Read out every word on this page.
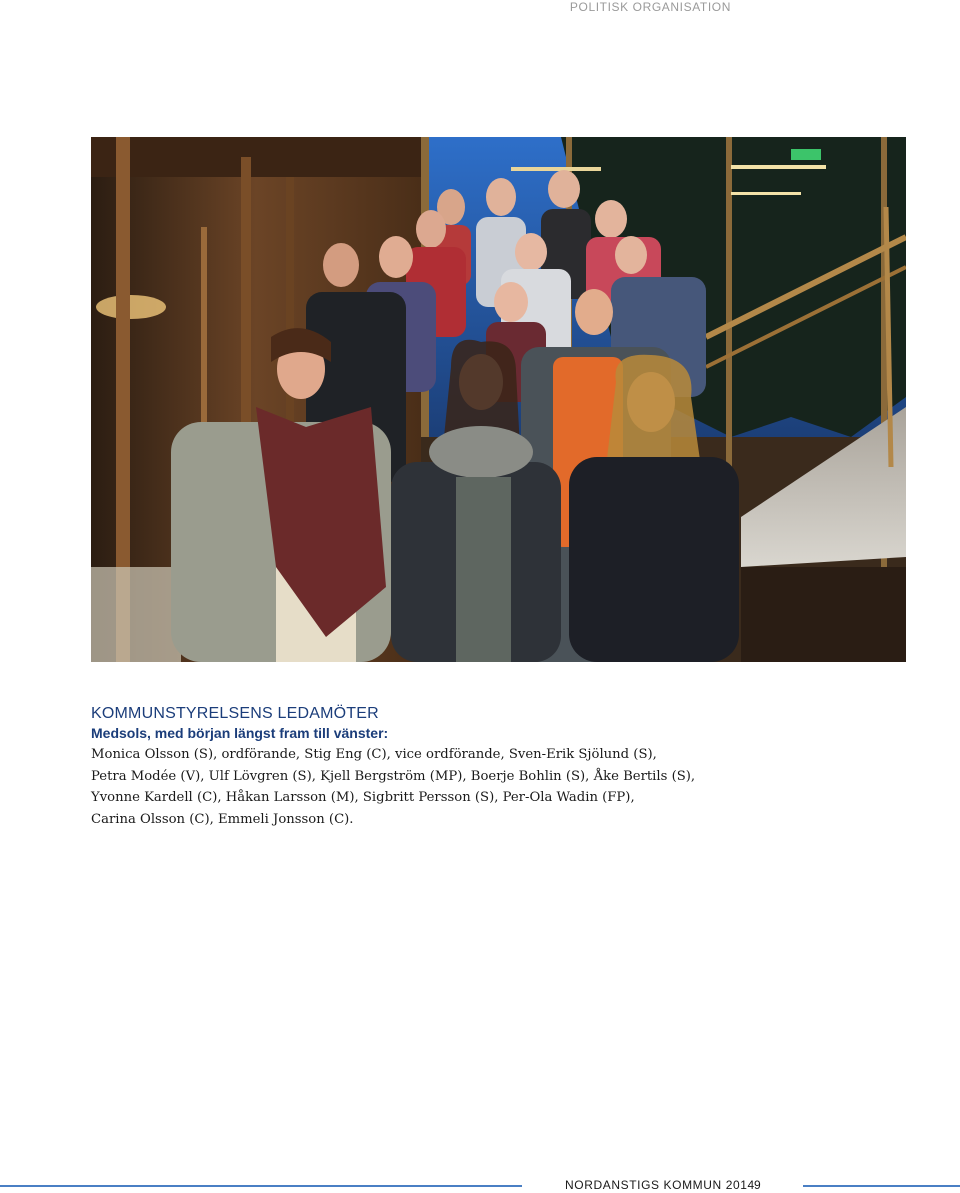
POLITISK ORGANISATION
KOMMUNSTYRELSENS LEDAMÖTER
Medsols, med början längst fram till vänster:
Monica Olsson (S), ordförande, Stig Eng (C), vice ordförande, Sven-Erik Sjölund (S),
Petra Modée (V), Ulf Lövgren (S), Kjell Bergström (MP), Boerje Bohlin (S), Åke Bertils (S),
Yvonne Kardell (C), Håkan Larsson (M), Sigbritt Persson (S), Per-Ola Wadin (FP),
Carina Olsson (C), Emmeli Jonsson (C).
NORDANSTIGS KOMMUN 2014 9
